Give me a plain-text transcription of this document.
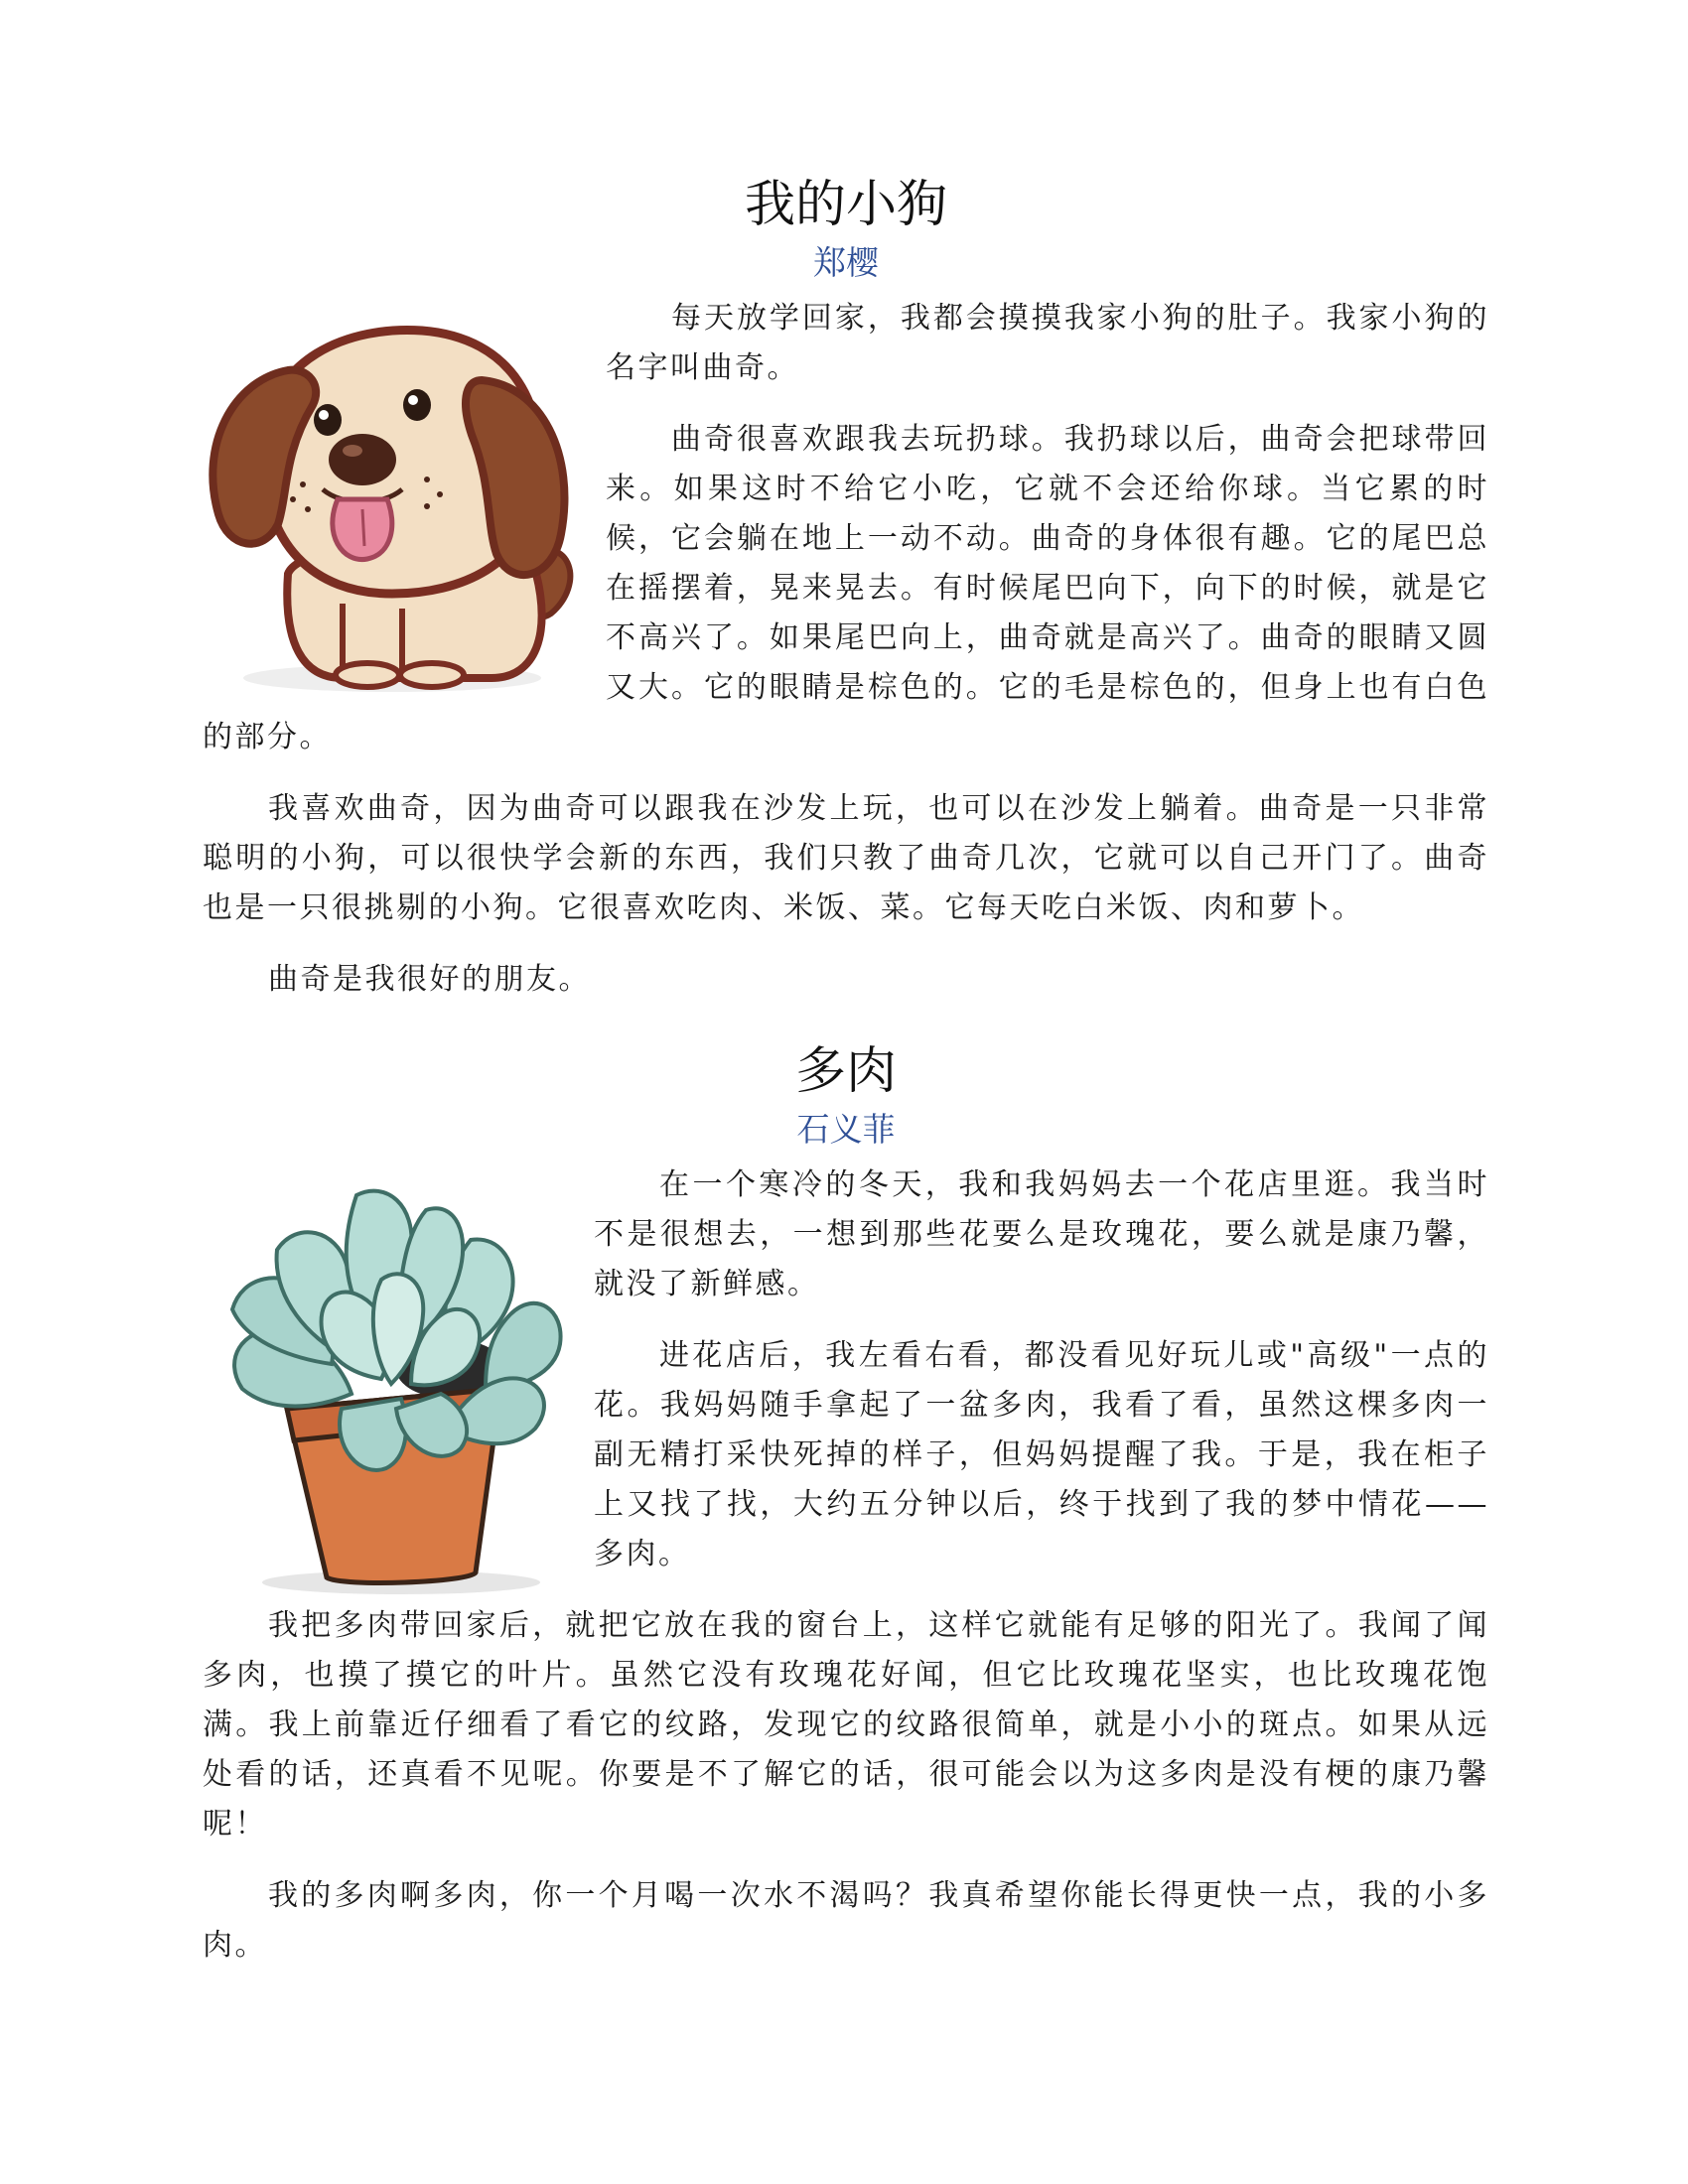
我的小狗
郑樱

每天放学回家，我都会摸摸我家小狗的肚子。我家小狗的名字叫曲奇。

曲奇很喜欢跟我去玩扔球。我扔球以后，曲奇会把球带回来。如果这时不给它小吃，它就不会还给你球。当它累的时候，它会躺在地上一动不动。曲奇的身体很有趣。它的尾巴总在摇摆着，晃来晃去。有时候尾巴向下，向下的时候，就是它不高兴了。如果尾巴向上，曲奇就是高兴了。曲奇的眼睛又圆又大。它的眼睛是棕色的。它的毛是棕色的，但身上也有白色的部分。

我喜欢曲奇，因为曲奇可以跟我在沙发上玩，也可以在沙发上躺着。曲奇是一只非常聪明的小狗，可以很快学会新的东西，我们只教了曲奇几次，它就可以自己开门了。曲奇也是一只很挑剔的小狗。它很喜欢吃肉、米饭、菜。它每天吃白米饭、肉和萝卜。

曲奇是我很好的朋友。

多肉
石义菲

在一个寒冷的冬天，我和我妈妈去一个花店里逛。我当时不是很想去，一想到那些花要么是玫瑰花，要么就是康乃馨，就没了新鲜感。

进花店后，我左看右看，都没看见好玩儿或"高级"一点的花。我妈妈随手拿起了一盆多肉，我看了看，虽然这棵多肉一副无精打采快死掉的样子，但妈妈提醒了我。于是，我在柜子上又找了找，大约五分钟以后，终于找到了我的梦中情花——多肉。

我把多肉带回家后，就把它放在我的窗台上，这样它就能有足够的阳光了。我闻了闻多肉，也摸了摸它的叶片。虽然它没有玫瑰花好闻，但它比玫瑰花坚实，也比玫瑰花饱满。我上前靠近仔细看了看它的纹路，发现它的纹路很简单，就是小小的斑点。如果从远处看的话，还真看不见呢。你要是不了解它的话，很可能会以为这多肉是没有梗的康乃馨呢！

我的多肉啊多肉，你一个月喝一次水不渴吗？我真希望你能长得更快一点，我的小多肉。
